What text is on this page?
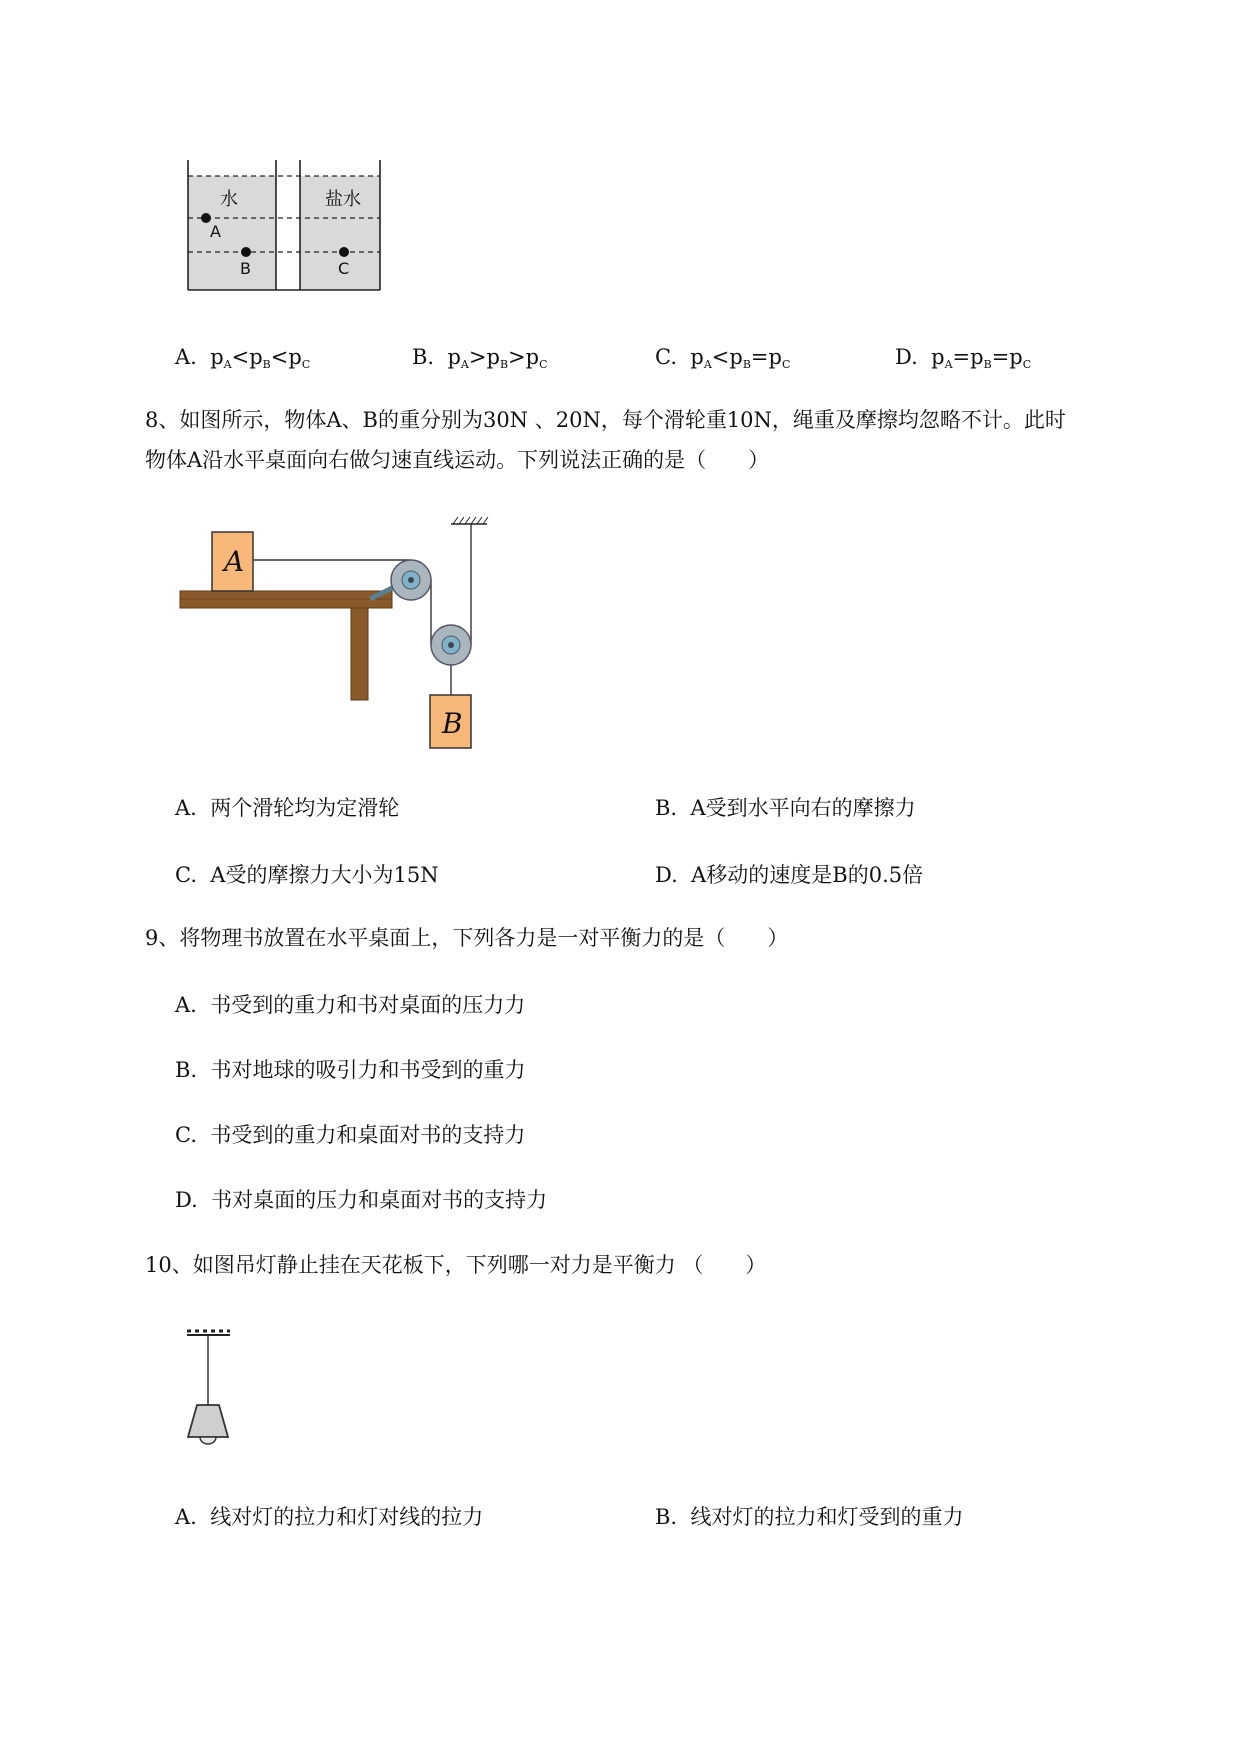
水	盐水
A
B	C
A. $p_A<p_B<p_C$	B. $p_A>p_B>p_C$	C. $p_A<p_B=p_C$	D. $p_A=p_B=p_C$
8、如图所示，物体A、B的重分别为30N 、20N，每个滑轮重10N，绳重及摩擦均忽略不计。此时
物体A沿水平桌面向右做匀速直线运动。下列说法正确的是（　　）
A
B
A. 两个滑轮均为定滑轮	B. A受到水平向右的摩擦力
C. A受的摩擦力大小为15N	D. A移动的速度是B的0.5倍
9、将物理书放置在水平桌面上，下列各力是一对平衡力的是（　　）
A. 书受到的重力和书对桌面的压力力
B. 书对地球的吸引力和书受到的重力
C. 书受到的重力和桌面对书的支持力
D. 书对桌面的压力和桌面对书的支持力
10、如图吊灯静止挂在天花板下，下列哪一对力是平衡力 （　　）
A. 线对灯的拉力和灯对线的拉力	B. 线对灯的拉力和灯受到的重力
